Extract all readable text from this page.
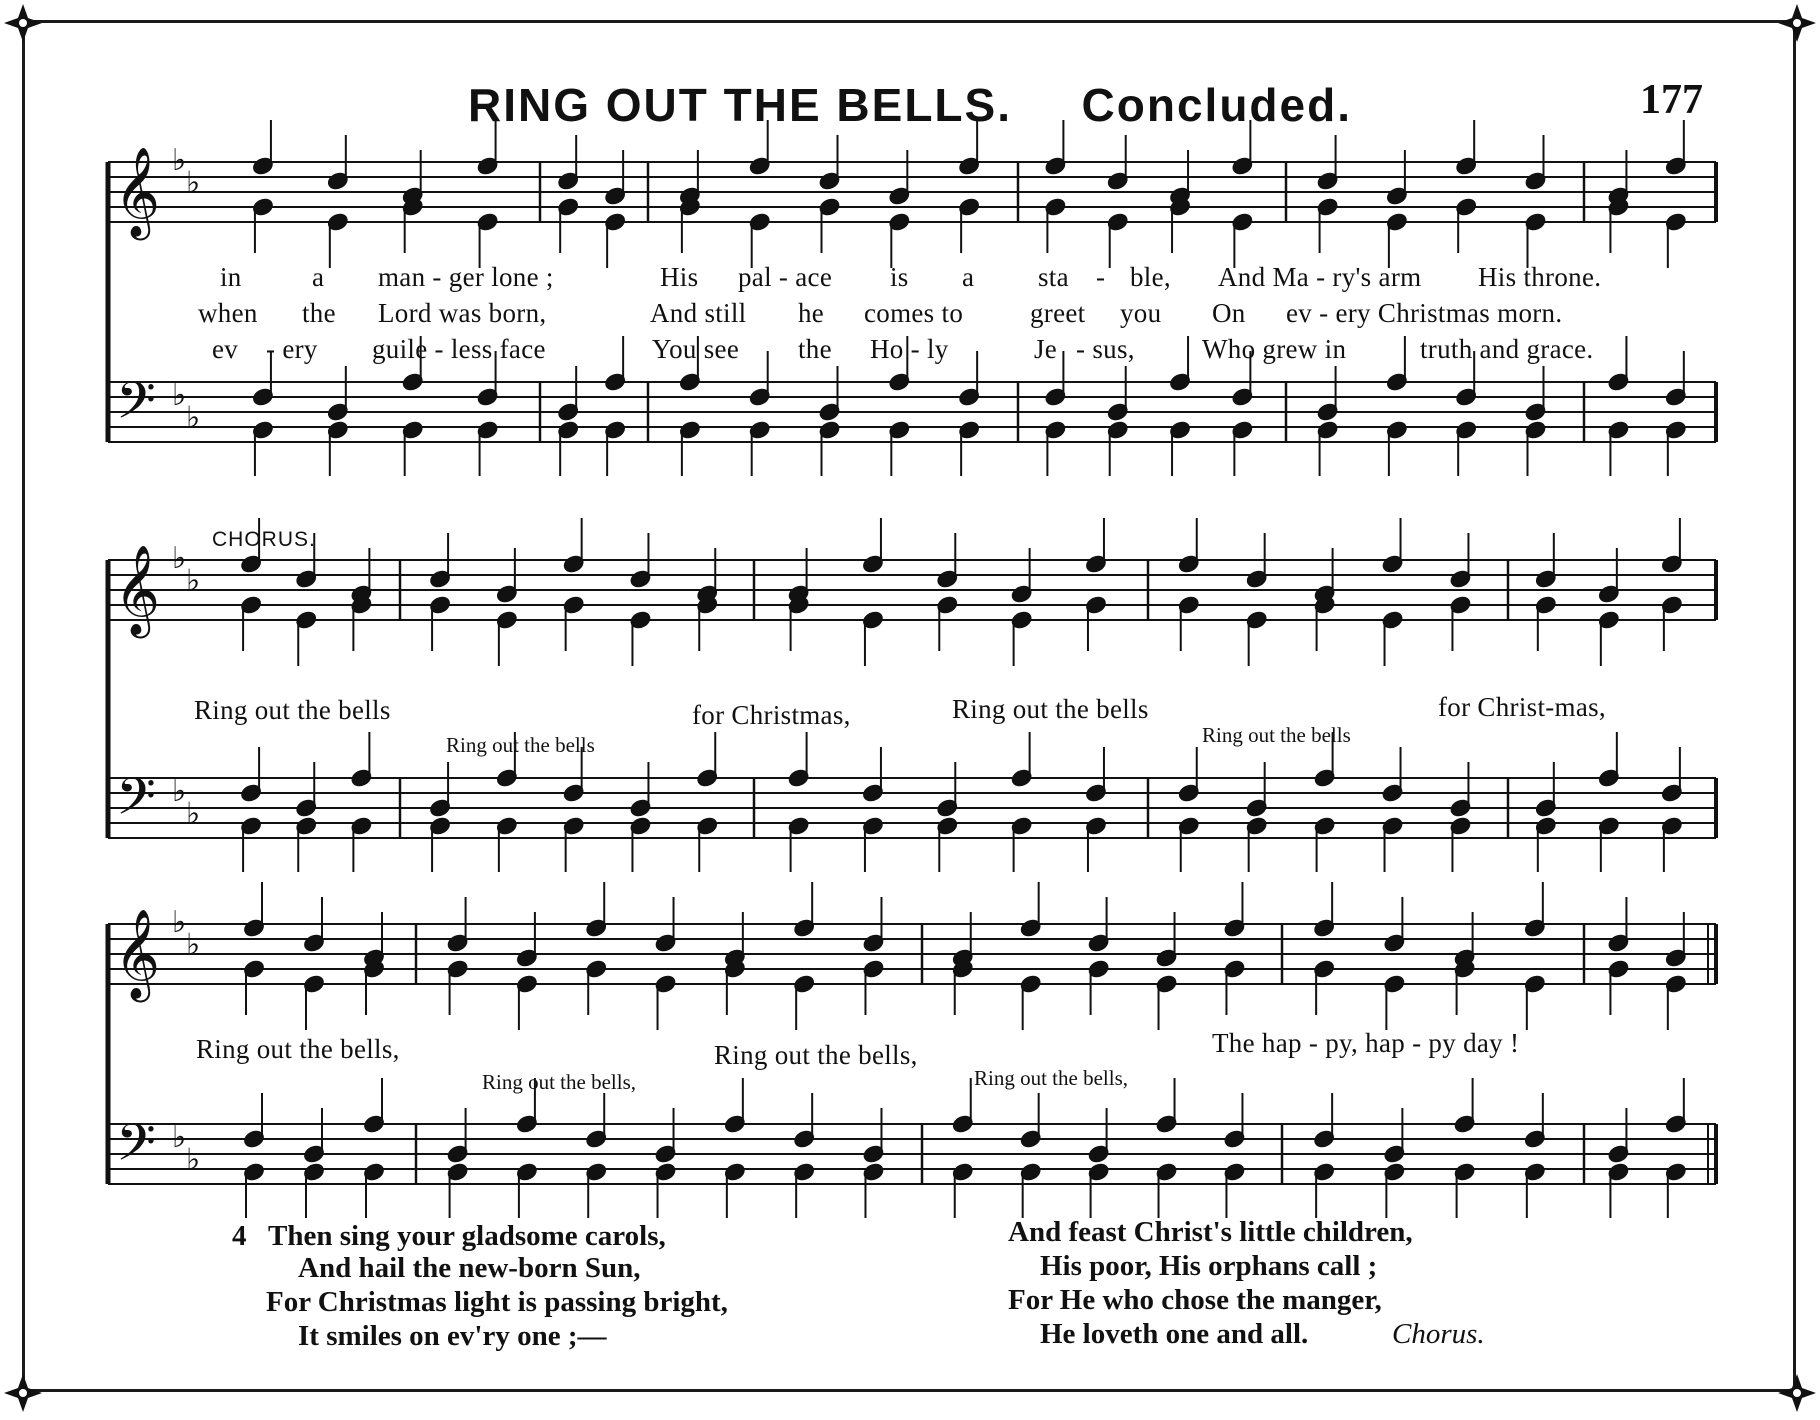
RING OUT THE BELLS. Concluded.	177
𝄞
𝄢
♭
♭
♭
♭
𝄞
𝄢
♭
♭
♭
♭
𝄞
𝄢
♭
♭
♭
♭
in	a man - ger lone ;	His pal - ace is a sta - ble, And Ma - ry's arm His throne.
when the Lord was born,	And still he comes to greet you On ev - ery Christmas morn.
ev - ery guile - less face	You see the Ho - ly	Je - sus, Who grew in	truth and grace.
CHORUS.
Ring out the bells	for Christmas,	Ring out the bells	for Christ-mas,
Ring out the bells	Ring out the bells
Ring out the bells,	Ring out the bells,	The hap - py, hap - py day !
Ring out the bells,	Ring out the bells,
4 Then sing your gladsome carols,
And hail the new-born Sun,
For Christmas light is passing bright,
It smiles on ev'ry one ;—
And feast Christ's little children,
His poor, His orphans call ;
For He who chose the manger,
He loveth one and all.	Chorus.
